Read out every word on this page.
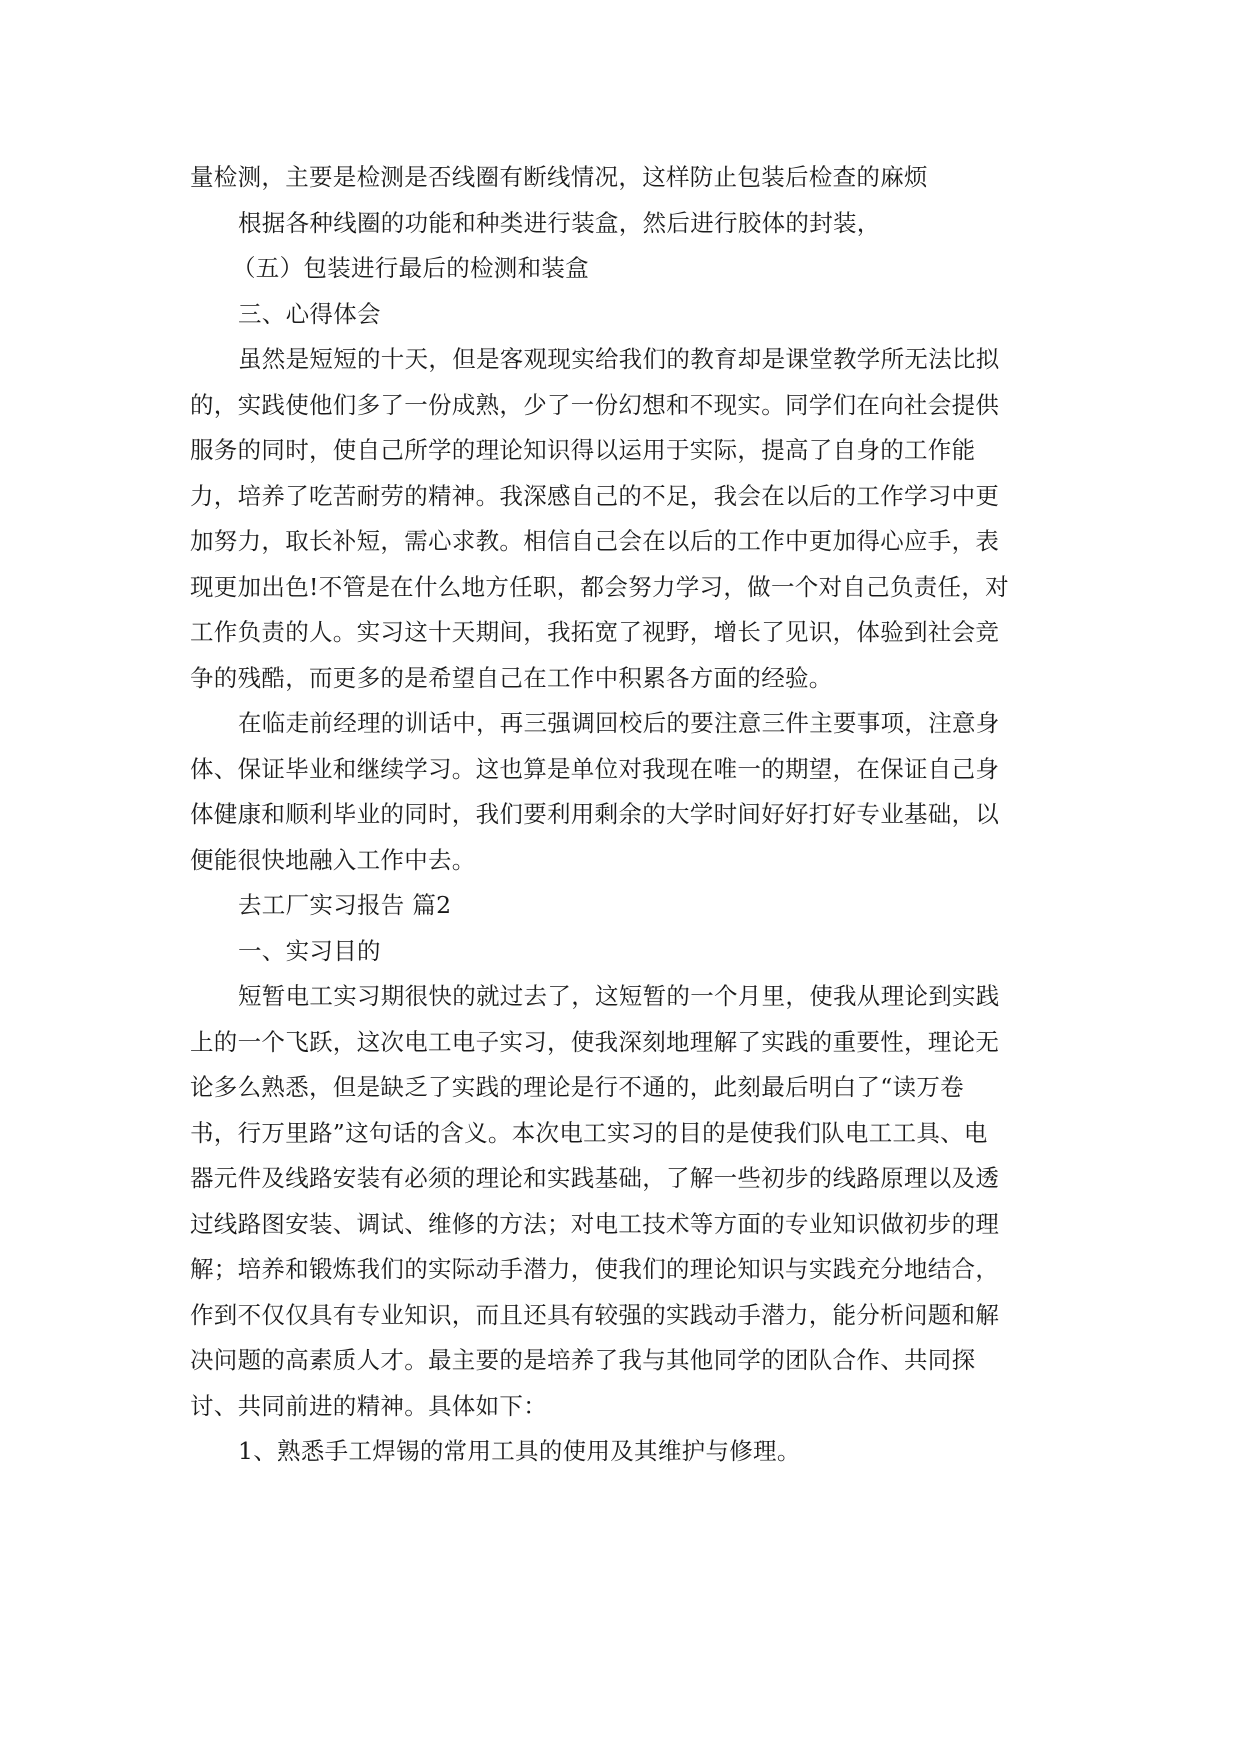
量检测，主要是检测是否线圈有断线情况，这样防止包装后检查的麻烦
根据各种线圈的功能和种类进行装盒，然后进行胶体的封装，
（五）包装进行最后的检测和装盒
三、心得体会
虽然是短短的十天，但是客观现实给我们的教育却是课堂教学所无法比拟
的，实践使他们多了一份成熟，少了一份幻想和不现实。同学们在向社会提供
服务的同时，使自己所学的理论知识得以运用于实际，提高了自身的工作能
力，培养了吃苦耐劳的精神。我深感自己的不足，我会在以后的工作学习中更
加努力，取长补短，需心求教。相信自己会在以后的工作中更加得心应手，表
现更加出色!不管是在什么地方任职，都会努力学习，做一个对自己负责任，对
工作负责的人。实习这十天期间，我拓宽了视野，增长了见识，体验到社会竞
争的残酷，而更多的是希望自己在工作中积累各方面的经验。
在临走前经理的训话中，再三强调回校后的要注意三件主要事项，注意身
体、保证毕业和继续学习。这也算是单位对我现在唯一的期望，在保证自己身
体健康和顺利毕业的同时，我们要利用剩余的大学时间好好打好专业基础，以
便能很快地融入工作中去。
去工厂实习报告 篇2
一、实习目的
短暂电工实习期很快的就过去了，这短暂的一个月里，使我从理论到实践
上的一个飞跃，这次电工电子实习，使我深刻地理解了实践的重要性，理论无
论多么熟悉，但是缺乏了实践的理论是行不通的，此刻最后明白了“读万卷
书，行万里路”这句话的含义。本次电工实习的目的是使我们队电工工具、电
器元件及线路安装有必须的理论和实践基础，了解一些初步的线路原理以及透
过线路图安装、调试、维修的方法；对电工技术等方面的专业知识做初步的理
解；培养和锻炼我们的实际动手潜力，使我们的理论知识与实践充分地结合，
作到不仅仅具有专业知识，而且还具有较强的实践动手潜力，能分析问题和解
决问题的高素质人才。最主要的是培养了我与其他同学的团队合作、共同探
讨、共同前进的精神。具体如下：
1、熟悉手工焊锡的常用工具的使用及其维护与修理。
